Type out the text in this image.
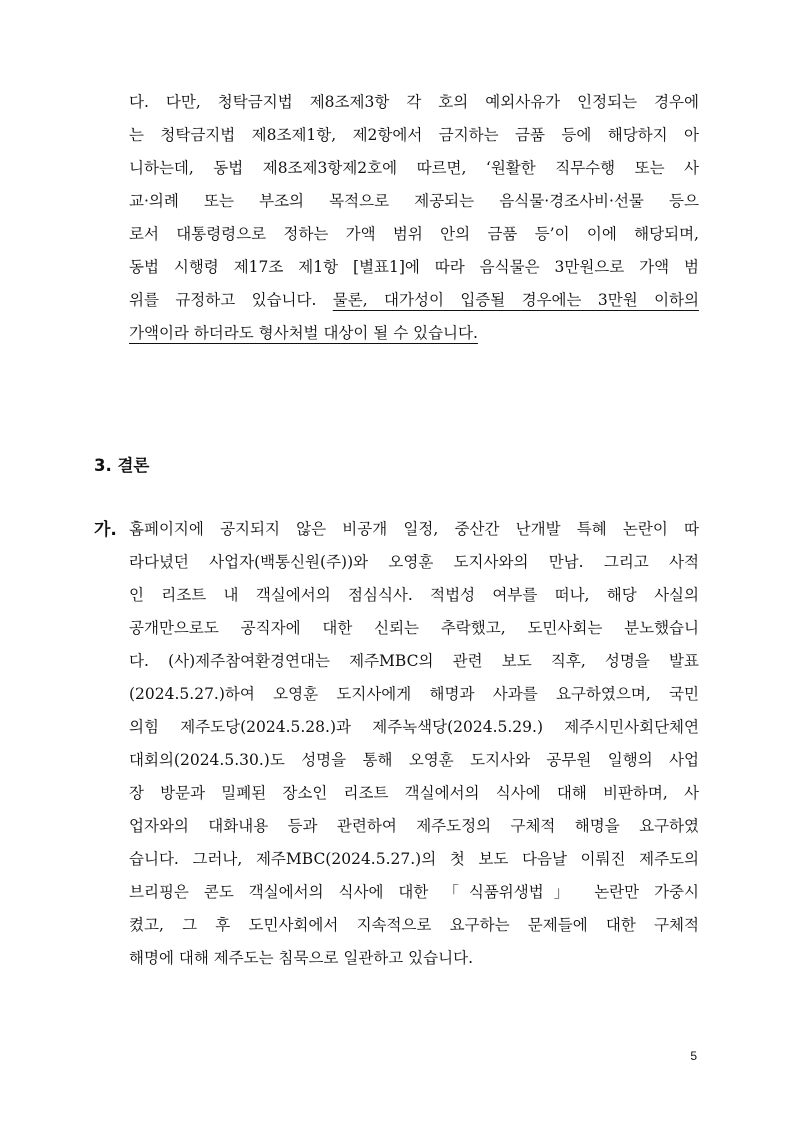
다. 다만, 청탁금지법 제8조제3항 각 호의 예외사유가 인정되는 경우에
는 청탁금지법 제8조제1항, 제2항에서 금지하는 금품 등에 해당하지 아
니하는데, 동법 제8조제3항제2호에 따르면, ‘원활한 직무수행 또는 사
교·의례 또는 부조의 목적으로 제공되는 음식물·경조사비·선물 등으
로서 대통령령으로 정하는 가액 범위 안의 금품 등’이 이에 해당되며,
동법 시행령 제17조 제1항 [별표1]에 따라 음식물은 3만원으로 가액 범
위를 규정하고 있습니다. 물론, 대가성이 입증될 경우에는 3만원 이하의
가액이라 하더라도 형사처벌 대상이 될 수 있습니다.
3. 결론
가. 홈페이지에 공지되지 않은 비공개 일정, 중산간 난개발 특혜 논란이 따
라다녔던 사업자(백통신원(주))와 오영훈 도지사와의 만남. 그리고 사적
인 리조트 내 객실에서의 점심식사. 적법성 여부를 떠나, 해당 사실의
공개만으로도 공직자에 대한 신뢰는 추락했고, 도민사회는 분노했습니
다. (사)제주참여환경연대는 제주MBC의 관련 보도 직후, 성명을 발표
(2024.5.27.)하여 오영훈 도지사에게 해명과 사과를 요구하였으며, 국민
의힘 제주도당(2024.5.28.)과 제주녹색당(2024.5.29.) 제주시민사회단체연
대회의(2024.5.30.)도 성명을 통해 오영훈 도지사와 공무원 일행의 사업
장 방문과 밀폐된 장소인 리조트 객실에서의 식사에 대해 비판하며, 사
업자와의 대화내용 등과 관련하여 제주도정의 구체적 해명을 요구하였
습니다. 그러나, 제주MBC(2024.5.27.)의 첫 보도 다음날 이뤄진 제주도의
브리핑은 콘도 객실에서의 식사에 대한 「식품위생법」 논란만 가중시
켰고, 그 후 도민사회에서 지속적으로 요구하는 문제들에 대한 구체적
해명에 대해 제주도는 침묵으로 일관하고 있습니다.
5
